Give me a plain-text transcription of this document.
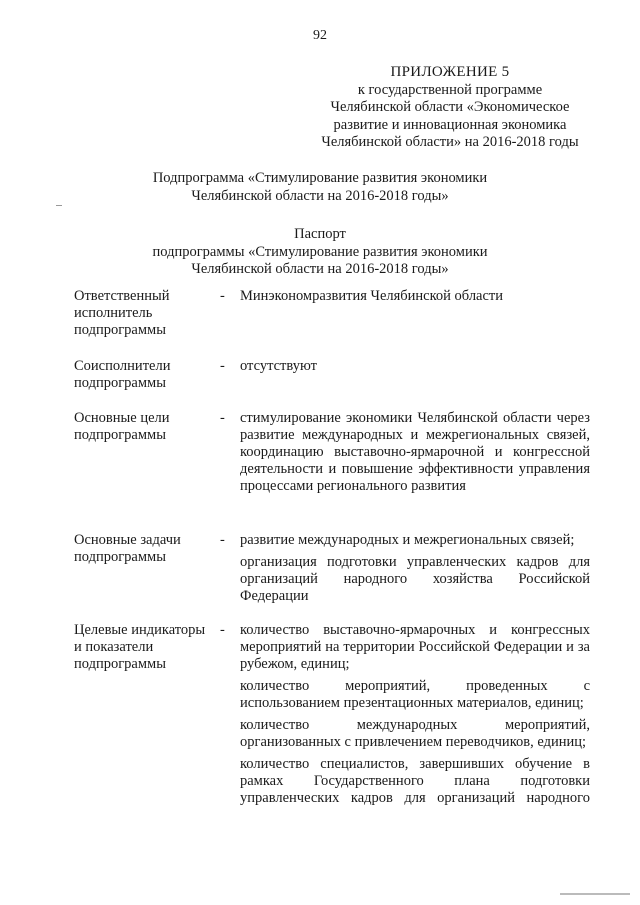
92
ПРИЛОЖЕНИЕ 5
к государственной программе
Челябинской области «Экономическое
развитие и инновационная экономика
Челябинской области» на 2016-2018 годы
Подпрограмма «Стимулирование развития экономики
Челябинской области на 2016-2018 годы»
Паспорт
подпрограммы «Стимулирование развития экономики
Челябинской области на 2016-2018 годы»
Ответственный исполнитель подпрограммы
- Минэкономразвития Челябинской области

Соисполнители подпрограммы
- отсутствуют

Основные цели подпрограммы
- стимулирование экономики Челябинской области через развитие международных и межрегиональных связей, координацию выставочно-ярмарочной и конгрессной деятельности и повышение эффективности управления процессами регионального развития

Основные задачи подпрограммы
- развитие международных и межрегиональных связей;

организация подготовки управленческих кадров для организаций народного хозяйства Российской Федерации

Целевые индикаторы и показатели подпрограммы
- количество выставочно-ярмарочных и конгрессных мероприятий на территории Российской Федерации и за рубежом, единиц;

количество мероприятий, проведенных с использованием презентационных материалов, единиц;

количество международных мероприятий, организованных с привлечением переводчиков, единиц;

количество специалистов, завершивших обучение в рамках Государственного плана подготовки управленческих кадров для организаций народного
